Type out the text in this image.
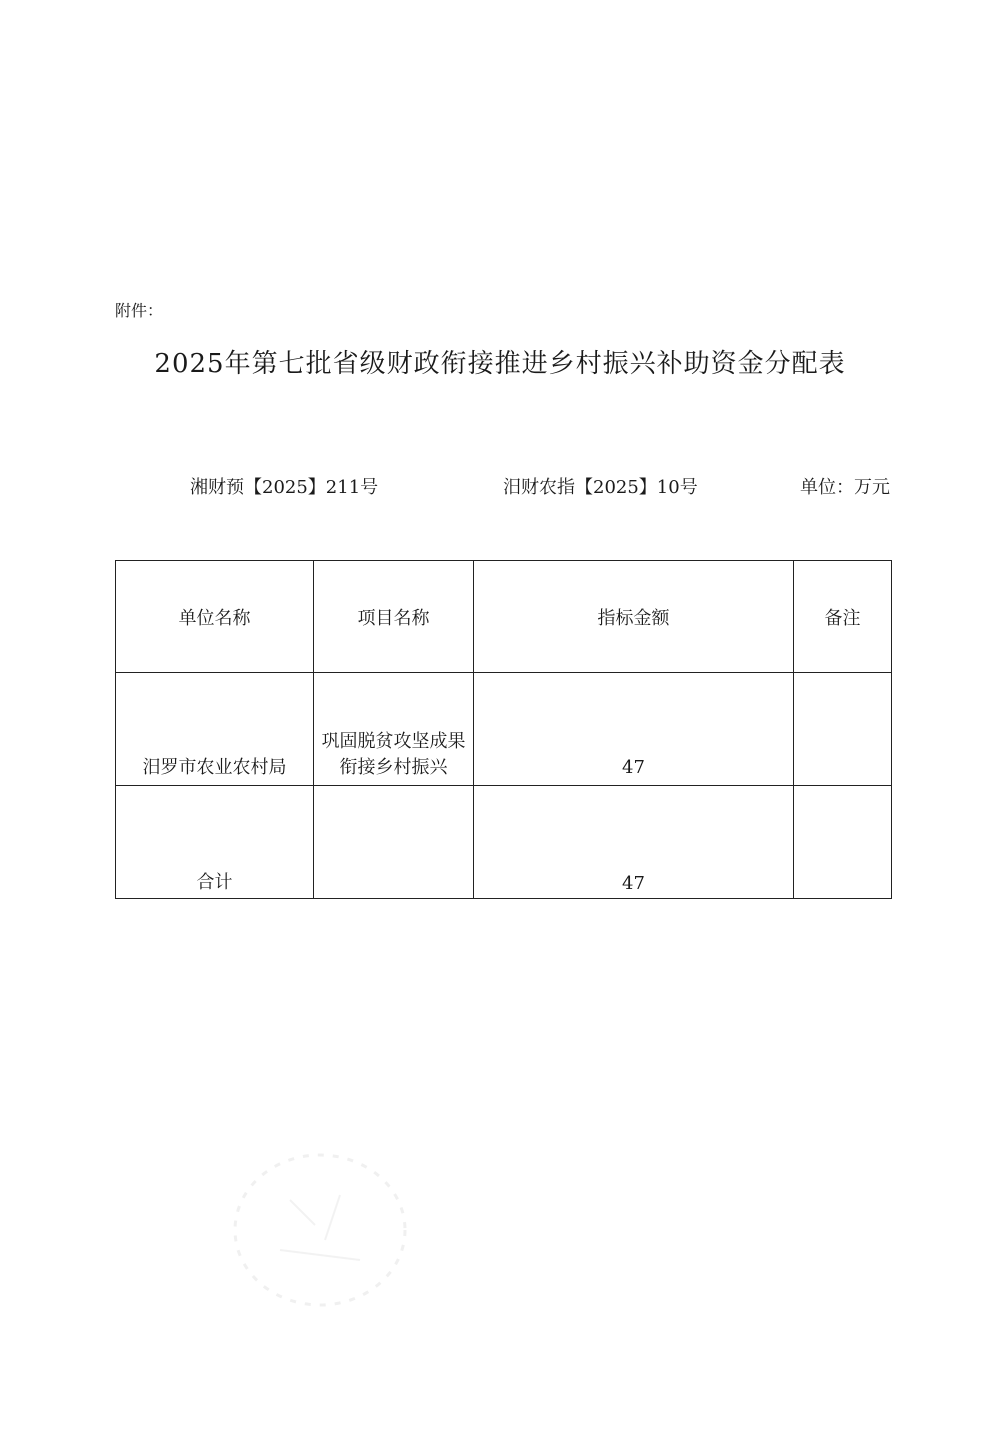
附件：
2025年第七批省级财政衔接推进乡村振兴补助资金分配表
湘财预【2025】211号	汨财农指【2025】10号	单位：万元
单位名称	项目名称	指标金额	备注
汨罗市农业农村局	巩固脱贫攻坚成果衔接乡村振兴	47	
合计		47	
